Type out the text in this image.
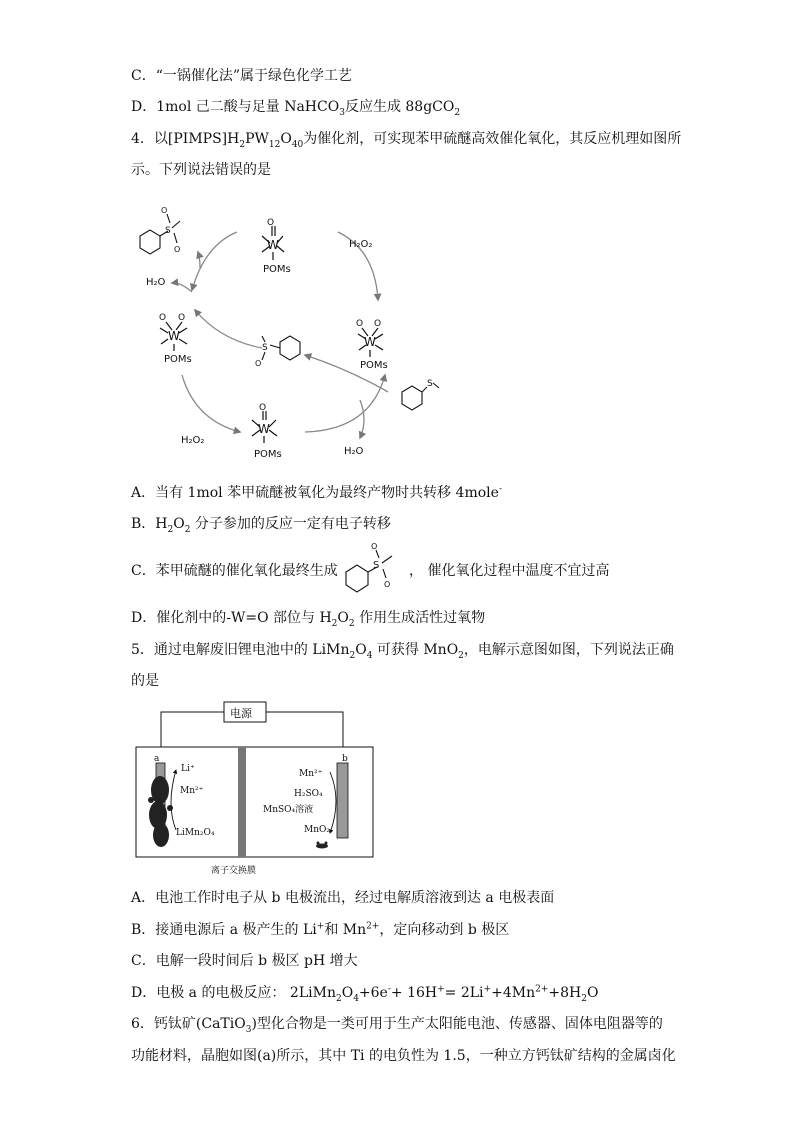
C．“一锅催化法”属于绿色化学工艺
D．1mol 己二酸与足量 NaHCO$_3$反应生成 88gCO$_2$
4．以$[PIMPS]H_2PW_{12}O_{40}$为催化剂，可实现苯甲硫醚高效催化氧化，其反应机理如图所
示。下列说法错误的是
O
W
POMs
H₂O₂
O O
W
POMs
O O
W
POMs
H₂O
O
W
POMs
H₂O₂
H₂O
S
O
O
S
O
S
A．当有 1mol 苯甲硫醚被氧化为最终产物时共转移 4mole-
B．$H_2O_2$ 分子参加的反应一定有电子转移
C．苯甲硫醚的催化氧化最终生成	S
O
O
， 催化氧化过程中温度不宜过高
D．催化剂中的-W=O 部位与 $H_2O_2$ 作用生成活性过氧物
5．通过电解废旧锂电池中的 $LiMn_2O_4$ 可获得 MnO$_2$，电解示意图如图，下列说法正确
的是
电源
a	b
Li⁺
Mn²⁺
LiMn₂O₄
Mn²⁺
H₂SO₄
MnSO₄溶液
MnO₂
离子交换膜
A．电池工作时电子从 b 电极流出，经过电解质溶液到达 a 电极表面
B．接通电源后 a 极产生的 Li+和 $Mn^{2+}$，定向移动到 b 极区
C．电解一段时间后 b 极区 pH 增大
D．电极 a 的电极反应： $2LiMn_2O_4+6e^-+ 16H^+= 2Li^++4Mn^{2+}+8H_2O$
6．钙钛矿(CaTiO$_3$)型化合物是一类可用于生产太阳能电池、传感器、固体电阻器等的
功能材料，晶胞如图(a)所示，其中 Ti 的电负性为 1.5，一种立方钙钛矿结构的金属卤化
